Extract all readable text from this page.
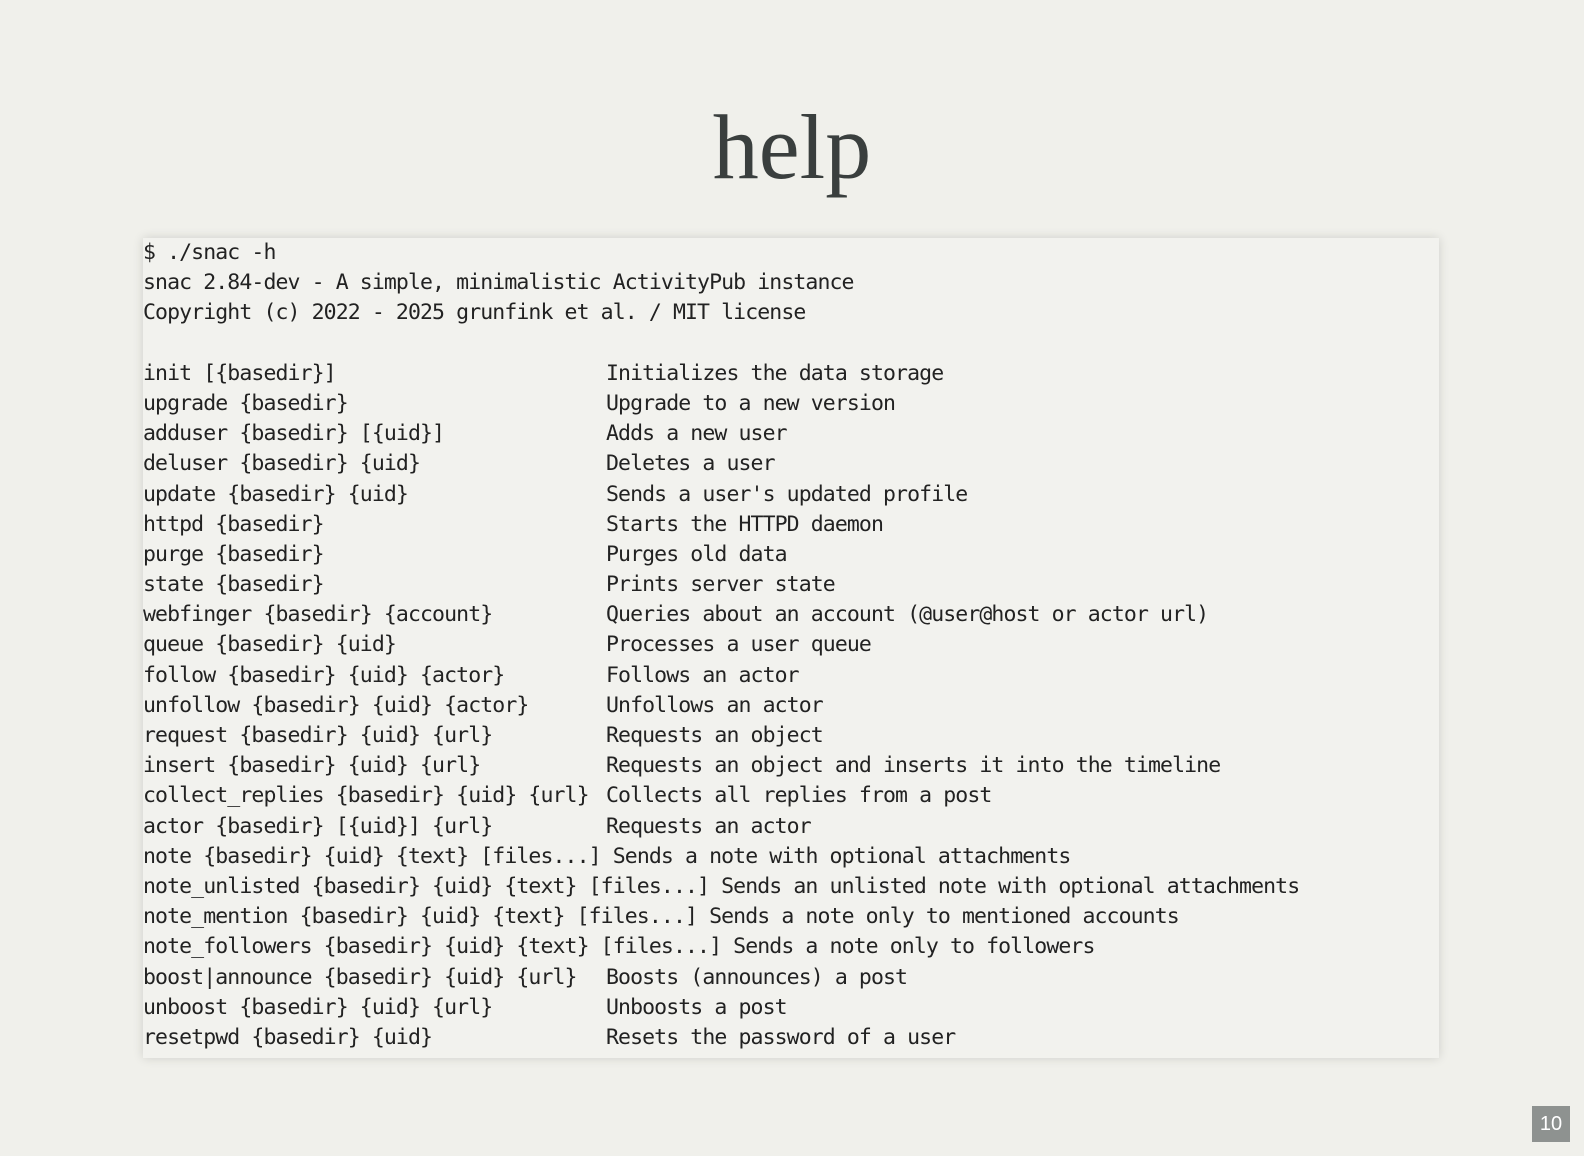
help
$ ./snac -h
snac 2.84-dev - A simple, minimalistic ActivityPub instance
Copyright (c) 2022 - 2025 grunfink et al. / MIT license
init [{basedir}]	Initializes the data storage
upgrade {basedir}	Upgrade to a new version
adduser {basedir} [{uid}]	Adds a new user
deluser {basedir} {uid}	Deletes a user
update {basedir} {uid}	Sends a user's updated profile
httpd {basedir}	Starts the HTTPD daemon
purge {basedir}	Purges old data
state {basedir}	Prints server state
webfinger {basedir} {account}	Queries about an account (@user@host or actor url)
queue {basedir} {uid}	Processes a user queue
follow {basedir} {uid} {actor}	Follows an actor
unfollow {basedir} {uid} {actor}	Unfollows an actor
request {basedir} {uid} {url}	Requests an object
insert {basedir} {uid} {url}	Requests an object and inserts it into the timeline
collect_replies {basedir} {uid} {url} Collects all replies from a post
actor {basedir} [{uid}] {url}	Requests an actor
note {basedir} {uid} {text} [files...] Sends a note with optional attachments
note_unlisted {basedir} {uid} {text} [files...] Sends an unlisted note with optional attachments
note_mention {basedir} {uid} {text} [files...] Sends a note only to mentioned accounts
note_followers {basedir} {uid} {text} [files...] Sends a note only to followers
boost|announce {basedir} {uid} {url} Boosts (announces) a post
unboost {basedir} {uid} {url}	Unboosts a post
resetpwd {basedir} {uid}	Resets the password of a user
10
